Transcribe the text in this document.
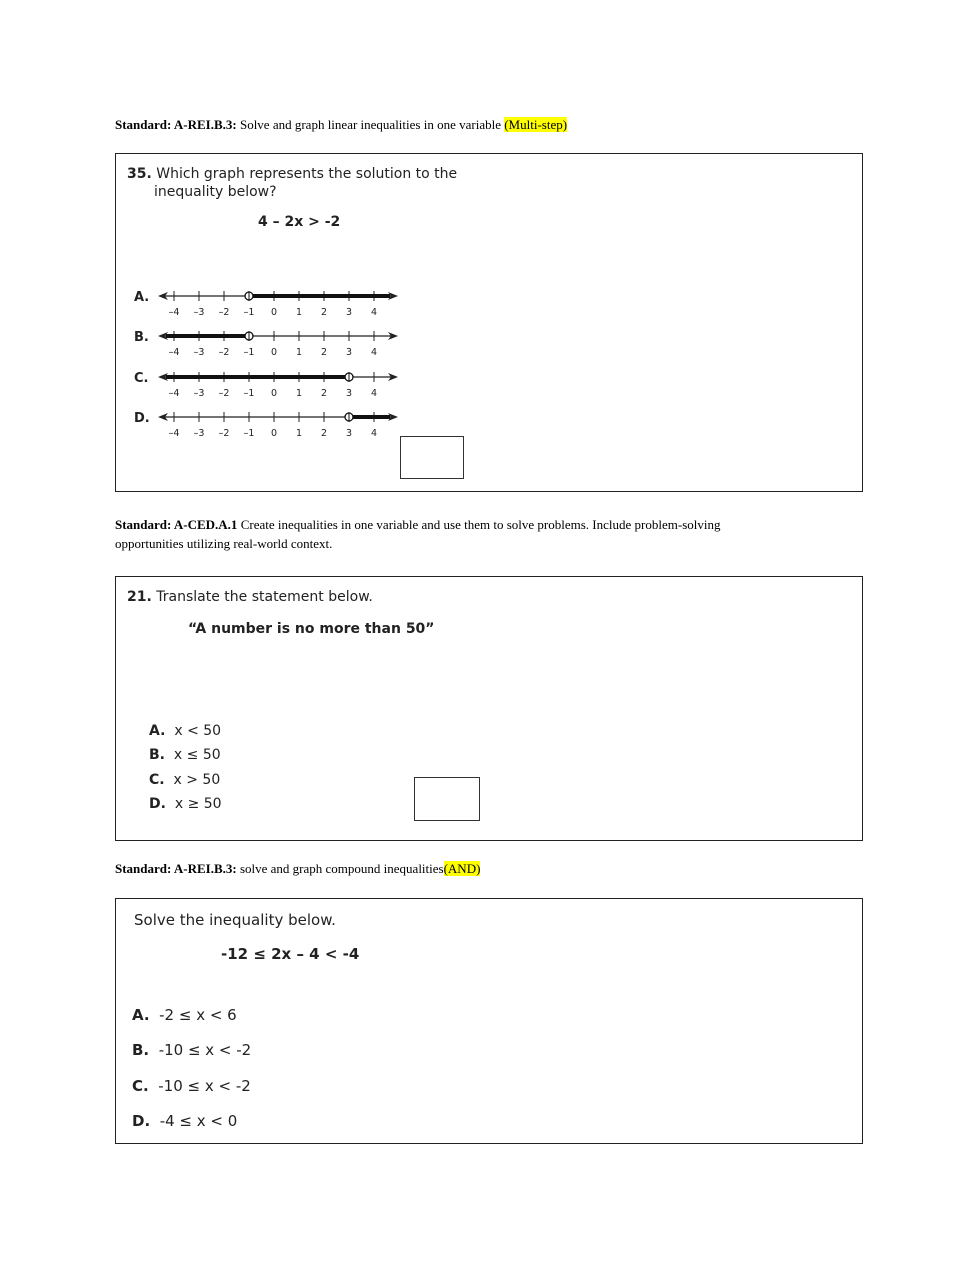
Standard: A-REI.B.3: Solve and graph linear inequalities in one variable (Multi-step)
35. Which graph represents the solution to the
inequality below?
4 – 2x > -2
A.
–4 –3 –2 –1 0 1 2 3 4
B.
–4 –3 –2 –1 0 1 2 3 4
C.
–4 –3 –2 –1 0 1 2 3 4
D.
–4 –3 –2 –1 0 1 2 3 4
Standard: A-CED.A.1 Create inequalities in one variable and use them to solve problems. Include problem-solving
opportunities utilizing real-world context.
21. Translate the statement below.
“A number is no more than 50”
A. x < 50
B. x ≤ 50
C. x > 50
D. x ≥ 50
Standard: A-REI.B.3: solve and graph compound inequalities(AND)
Solve the inequality below.
-12 ≤ 2x – 4 < -4
A. -2 ≤ x < 6
B. -10 ≤ x < -2
C. -10 ≤ x < -2
D. -4 ≤ x < 0
